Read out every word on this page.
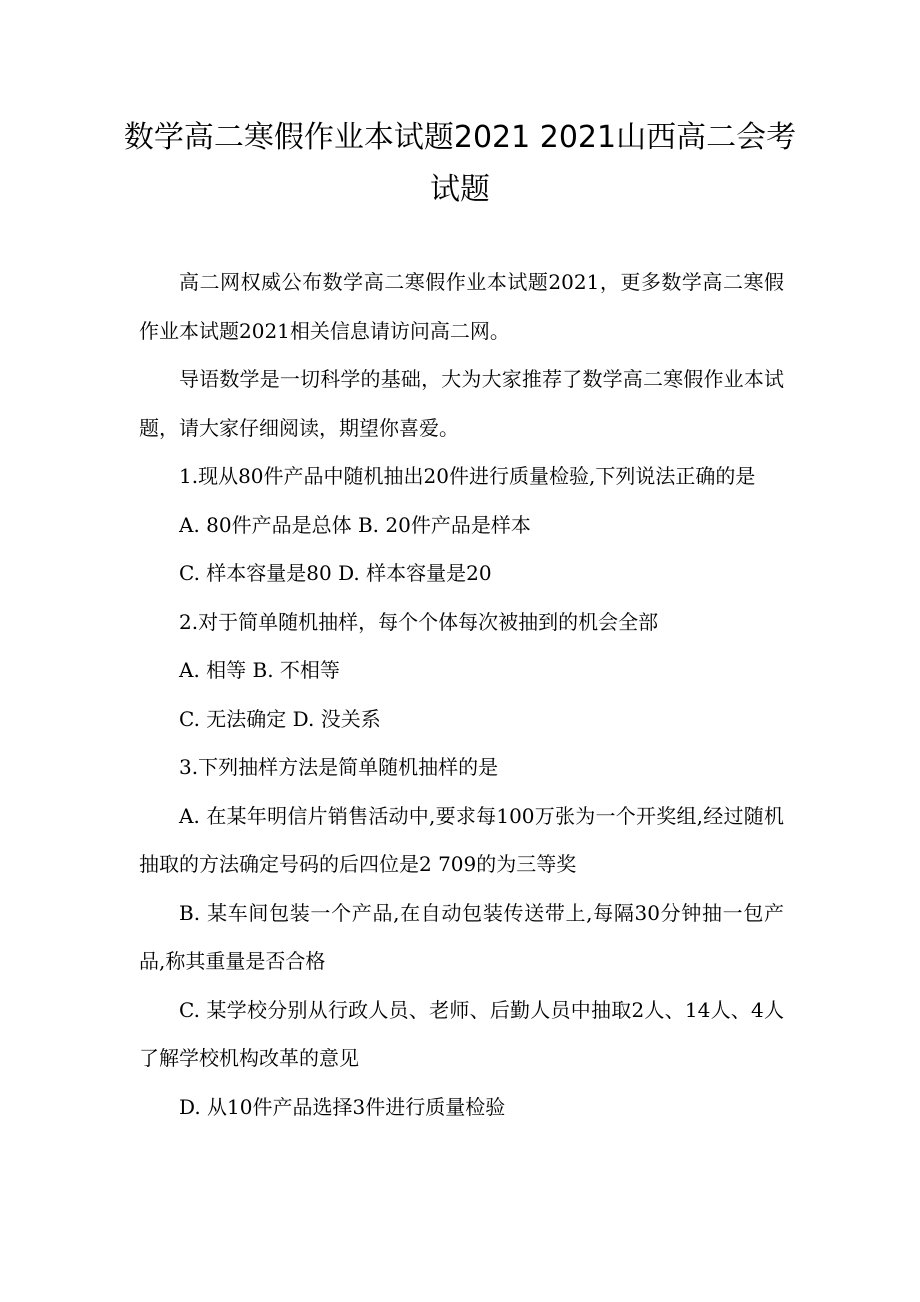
数学高二寒假作业本试题2021 2021山西高二会考试题

高二网权威公布数学高二寒假作业本试题2021，更多数学高二寒假作业本试题2021相关信息请访问高二网。

导语数学是一切科学的基础，大为大家推荐了数学高二寒假作业本试题，请大家仔细阅读，期望你喜爱。

1.现从80件产品中随机抽出20件进行质量检验,下列说法正确的是

A. 80件产品是总体 B. 20件产品是样本

C. 样本容量是80 D. 样本容量是20

2.对于简单随机抽样，每个个体每次被抽到的机会全部

A. 相等 B. 不相等

C. 无法确定 D. 没关系

3.下列抽样方法是简单随机抽样的是

A. 在某年明信片销售活动中,要求每100万张为一个开奖组,经过随机抽取的方法确定号码的后四位是2 709的为三等奖

B. 某车间包装一个产品,在自动包装传送带上,每隔30分钟抽一包产品,称其重量是否合格

C. 某学校分别从行政人员、老师、后勤人员中抽取2人、14人、4人了解学校机构改革的意见

D. 从10件产品选择3件进行质量检验
